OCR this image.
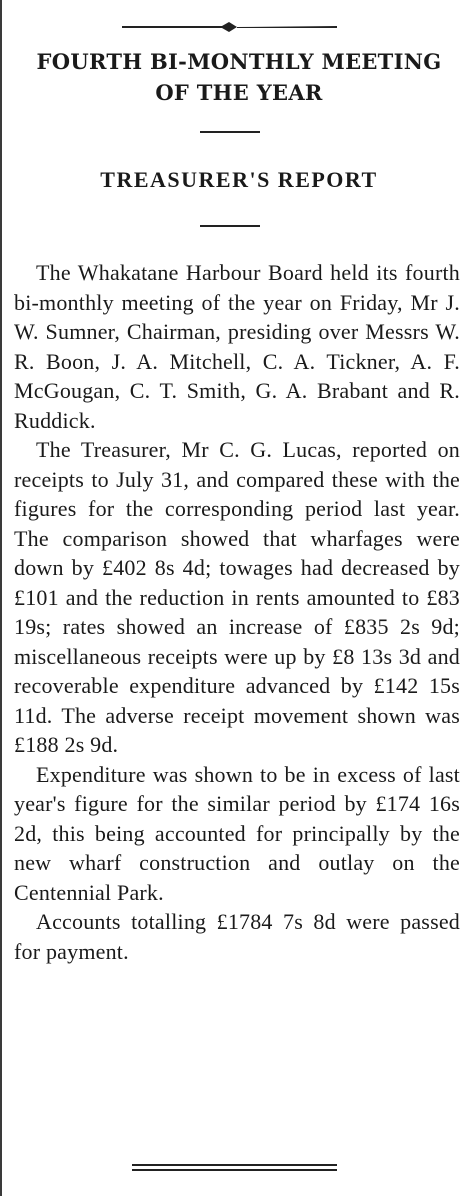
FOURTH BI-MONTHLY MEETING
OF THE YEAR
TREASURER'S REPORT

The Whakatane Harbour Board held its fourth bi-monthly meeting of the year on Friday, Mr J. W. Sumner, Chairman, presiding over Messrs W. R. Boon, J. A. Mitchell, C. A. Tickner, A. F. McGougan, C. T. Smith, G. A. Brabant and R. Ruddick.

The Treasurer, Mr C. G. Lucas, reported on receipts to July 31, and compared these with the figures for the corresponding period last year. The comparison showed that wharfages were down by £402 8s 4d; towages had decreased by £101 and the reduction in rents amounted to £83 19s; rates showed an increase of £835 2s 9d; miscellaneous receipts were up by £8 13s 3d and recoverable expenditure advanced by £142 15s 11d. The adverse receipt movement shown was £188 2s 9d.

Expenditure was shown to be in excess of last year's figure for the similar period by £174 16s 2d, this being accounted for principally by the new wharf construction and outlay on the Centennial Park.

Accounts totalling £1784 7s 8d were passed for payment.
